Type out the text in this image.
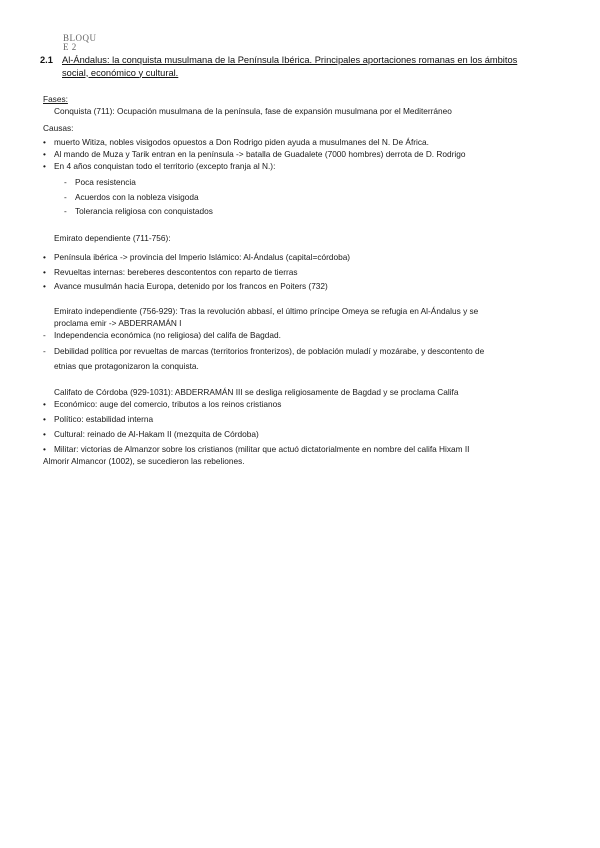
BLOQU
E 2
2.1 Al-Ándalus: la conquista musulmana de la Península Ibérica. Principales aportaciones romanas en los ámbitos social, económico y cultural.
Fases:
Conquista (711): Ocupación musulmana de la península, fase de expansión musulmana por el Mediterráneo
Causas:
• muerto Witiza, nobles visigodos opuestos a Don Rodrigo piden ayuda a musulmanes del N. De África.
• Al mando de Muza y Tarik entran en la península -> batalla de Guadalete (7000 hombres) derrota de D. Rodrigo
• En 4 años conquistan todo el territorio (excepto franja al N.):
- Poca resistencia
- Acuerdos con la nobleza visigoda
- Tolerancia religiosa con conquistados
Emirato dependiente (711-756):
• Península ibérica -> provincia del Imperio Islámico: Al-Ándalus (capital=córdoba)
• Revueltas internas: bereberes descontentos con reparto de tierras
• Avance musulmán hacia Europa, detenido por los francos en Poiters (732)
Emirato independiente (756-929): Tras la revolución abbasí, el último príncipe Omeya se refugia en Al-Ándalus y se
proclama emir -> ABDERRAMÁN I
- Independencia económica (no religiosa) del califa de Bagdad.
- Debilidad política por revueltas de marcas (territorios fronterizos), de población muladí y mozárabe, y descontento de
etnias que protagonizaron la conquista.
Califato de Córdoba (929-1031): ABDERRAMÁN III se desliga religiosamente de Bagdad y se proclama Califa
• Económico: auge del comercio, tributos a los reinos cristianos
• Político: estabilidad interna
• Cultural: reinado de Al-Hakam II (mezquita de Córdoba)
• Militar: victorias de Almanzor sobre los cristianos (militar que actuó dictatorialmente en nombre del califa Hixam II
Almorir Almancor (1002), se sucedieron las rebeliones.
